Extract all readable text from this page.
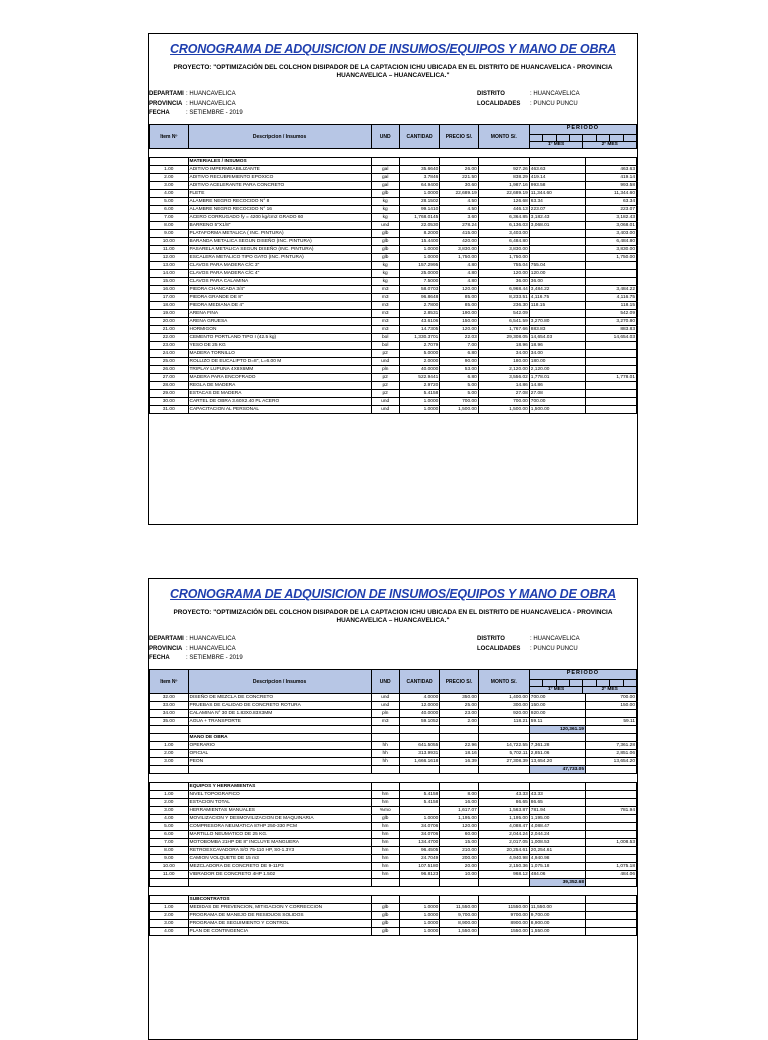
CRONOGRAMA DE ADQUISICION DE INSUMOS/EQUIPOS Y MANO DE OBRA
PROYECTO: "OPTIMIZACIÓN DEL COLCHON DISIPADOR DE LA CAPTACION ICHU UBICADA EN EL DISTRITO DE HUANCAVELICA - PROVINCIA HUANCAVELICA – HUANCAVELICA."
DEPARTAMI : HUANCAVELICA
PROVINCIA : HUANCAVELICA
FECHA	: SETIEMBRE - 2019
DISTRITO	: HUANCAVELICA
LOCALIDADES : PUNCU PUNCU
Item Nº	Descripcion / Insumos	UND	CANTIDAD	PRECIO S/.	MONTO S/.	PERIODO
1º MES 2º MES	

	MATERIALES / INSUMOS						
1.00	ADITIVO IMPERMEABILIZANTE	gal	35.6640	26.00	927.26	463.63	463.63
2.00	ADITIVO RECUBRIMIENTO EPOXICO	gal	3.7846	221.50	838.29	419.14	419.14
3.00	ADITIVO ACELERANTE PARA CONCRETO	gal	64.9400	30.60	1,987.16	993.58	993.58
4.00	FLETE	glb	1.0000	22,689.19	22,689.19	11,344.60	11,344.60
5.00	ALAMBRE NEGRO RECOCIDO N° 8	kg	28.1502	4.50	126.68	63.34	63.34
6.00	ALAMBRE NEGRO RECOCIDO N° 16	kg	99.1410	4.50	446.13	223.07	223.07
7.00	ACERO CORRUGADO fy = 4200 kg/cm2 GRADO 60	kg	1,768.0145	3.60	6,364.85	3,182.43	3,182.43
8.00	BARRENO 5"X1/8"	und	22.0530	278.24	6,136.03	3,068.01	3,068.01
9.00	PLATAFORMA METALICA ( INC. PINTURA)	glb	8.2000	415.00	3,403.00		3,403.00
10.00	BARANDA METALICA SEGUN DISEÑO (INC. PINTURA)	glb	15.4400	420.00	6,484.80		6,484.80
11.00	PASARELA METALICA SEGUN DISEÑO (INC. PINTURA)	glb	1.0000	3,830.00	3,830.00		3,830.00
12.00	ESCALERA METALICO TIPO GATO (INC. PINTURA)	glb	1.0000	1,750.00	1,750.00		1,750.00
13.00	CLAVOS PARA MADERA C/C 3"	kg	157.2995	4.80	755.04	755.04	
14.00	CLAVOS PARA MADERA C/C 4"	kg	25.0000	4.80	120.00	120.00	
15.00	CLAVOS PARA CALAMINA	kg	7.5000	4.80	36.00	36.00	
16.00	PIEDRA CHANCADA 3/4"	m3	58.0703	120.00	6,968.44	3,484.22	3,484.22
17.00	PIEDRA GRANDE DE 8"	m3	96.8648	85.00	8,233.51	4,116.75	4,116.75
18.00	PIEDRA MEDIANA DE 4"	m3	2.7800	85.00	236.30	118.15	118.15
19.00	ARENA FINA	m3	2.8531	190.00	542.09		542.09
20.00	ARENA GRUESA	m3	43.6106	150.00	6,541.59	3,270.80	3,270.80
21.00	HORMIGON	m3	14.7305	120.00	1,767.66	883.83	883.83
22.00	CEMENTO PORTLAND TIPO I (42.5 kg)	bol	1,330.3701	22.03	29,308.05	14,654.03	14,654.03
23.00	YESO DE 25 KG	bol	2.7079	7.00	18.96	18.96	
24.00	MADERA TORNILLO	p2	5.0000	6.80	34.00	34.00	
25.00	ROLLIZO DE EUCALIPTO D=8", L=6.00 M	und	2.0000	90.00	180.00	180.00	
26.00	TRIPLAY LUPUNA 4X8X6MM	pln	40.0000	53.00	2,120.00	2,120.00	
27.00	MADERA PARA ENCOFRADO	p2	522.9441	6.80	3,556.02	1,778.01	1,778.01
28.00	REGLA DE MADERA	p2	2.9720	5.00	14.86	14.86	
29.00	ESTACAS DE MADERA	p2	5.4158	5.00	27.08	27.08	
30.00	CARTEL DE OBRA 3.60X2.40 PL ACERO	und	1.0000	700.00	700.00	700.00	
31.00	CAPACITACION AL PERSONAL	und	1.0000	1,500.00	1,500.00	1,500.00	
CRONOGRAMA DE ADQUISICION DE INSUMOS/EQUIPOS Y MANO DE OBRA
PROYECTO: "OPTIMIZACIÓN DEL COLCHON DISIPADOR DE LA CAPTACION ICHU UBICADA EN EL DISTRITO DE HUANCAVELICA - PROVINCIA HUANCAVELICA – HUANCAVELICA."
DEPARTAMI : HUANCAVELICA
PROVINCIA : HUANCAVELICA
FECHA	: SETIEMBRE - 2019
DISTRITO	: HUANCAVELICA
LOCALIDADES : PUNCU PUNCU
Item Nº	Descripcion / Insumos	UND	CANTIDAD	PRECIO S/.	MONTO S/.	PERIODO
1º MES 2º MES	

32.00	DISEÑO DE MEZCLA DE CONCRETO	und	4.0000	350.00	1,400.00	700.00	700.00
33.00	PRUEBAS DE CALIDAD DE CONCRETO ROTURA	und	12.0000	25.00	300.00	150.00	150.00
34.00	CALAMINA N° 30 DE 1.83X0.83X3MM	pln	40.0000	23.00	920.00	920.00	
35.00	AGUA + TRANSPORTE	m3	59.1052	2.00	118.21	59.11	59.11
						120,361.19	
	MANO DE OBRA						
1.00	OPERARIO	hh	641.5055	22.96	14,722.55	7,361.28	7,361.28
2.00	OFICIAL	hh	313.9931	18.16	5,702.11	2,851.06	2,851.06
3.00	PEON	hh	1,666.1618	16.39	27,308.39	13,654.20	13,654.20
						47,733.05	

	EQUIPOS Y HERRAMIENTAS						
1.00	NIVEL TOPOGRAFICO	hm	5.4158	8.00	43.33	43.33	
2.00	ESTACION TOTAL	hm	5.4158	16.00	86.65	86.65	
3.00	HERRAMIENTAS MANUALES	%mo		1,617.07	1,563.87	781.94	781.94
4.00	MOVILIZACION Y DESMOVILIZACION DE MAQUINARIA	glb	1.0000	1,195.00	1,195.00	1,195.00	
5.00	COMPRESORA NEUMATICA 87HP 250-330 PCM	hm	34.0706	120.00	4,088.47	4,088.47	
6.00	MARTILLO NEUMATICO DE 25 KG.	hm	34.0706	60.00	2,044.24	2,044.24	
7.00	MOTOBOMBA 21HP DE 8" INCLUYE MANGUERA	hm	134.4700	15.00	2,017.05	1,008.53	1,008.53
8.00	RETROEXCAVADORA S/O 75-110 HP, S0-1.3Y3	hm	96.4505	210.00	20,254.61	20,254.61	
9.00	CAMION VOLQUETE DE 15 m3	hm	24.7049	200.00	4,940.98	4,940.98	
10.00	MEZCLADORA DE CONCRETO DE 9-11P3	hm	107.5180	20.00	2,150.36	1,075.18	1,075.18
11.00	VIBRADOR DE CONCRETO 4HP 1.502	hm	96.8123	10.00	968.12	484.06	484.06
						39,352.68	

	SUBCONTRATOS						
1.00	MEDIDAS DE PREVENCION, MITIGACION Y CORRECCION	glb	1.0000	11,550.00	11550.00	11,550.00	
2.00	PROGRAMA DE MANEJO DE RESIDUOS SOLIDOS	glb	1.0000	9,700.00	9700.00	9,700.00	
3.00	PROGRAMA DE SEGUIMIENTO Y CONTROL	glb	1.0000	8,900.00	8900.00	8,900.00	
4.00	PLAN DE CONTINGENCIA	glb	1.0000	1,550.00	1550.00	1,550.00	
